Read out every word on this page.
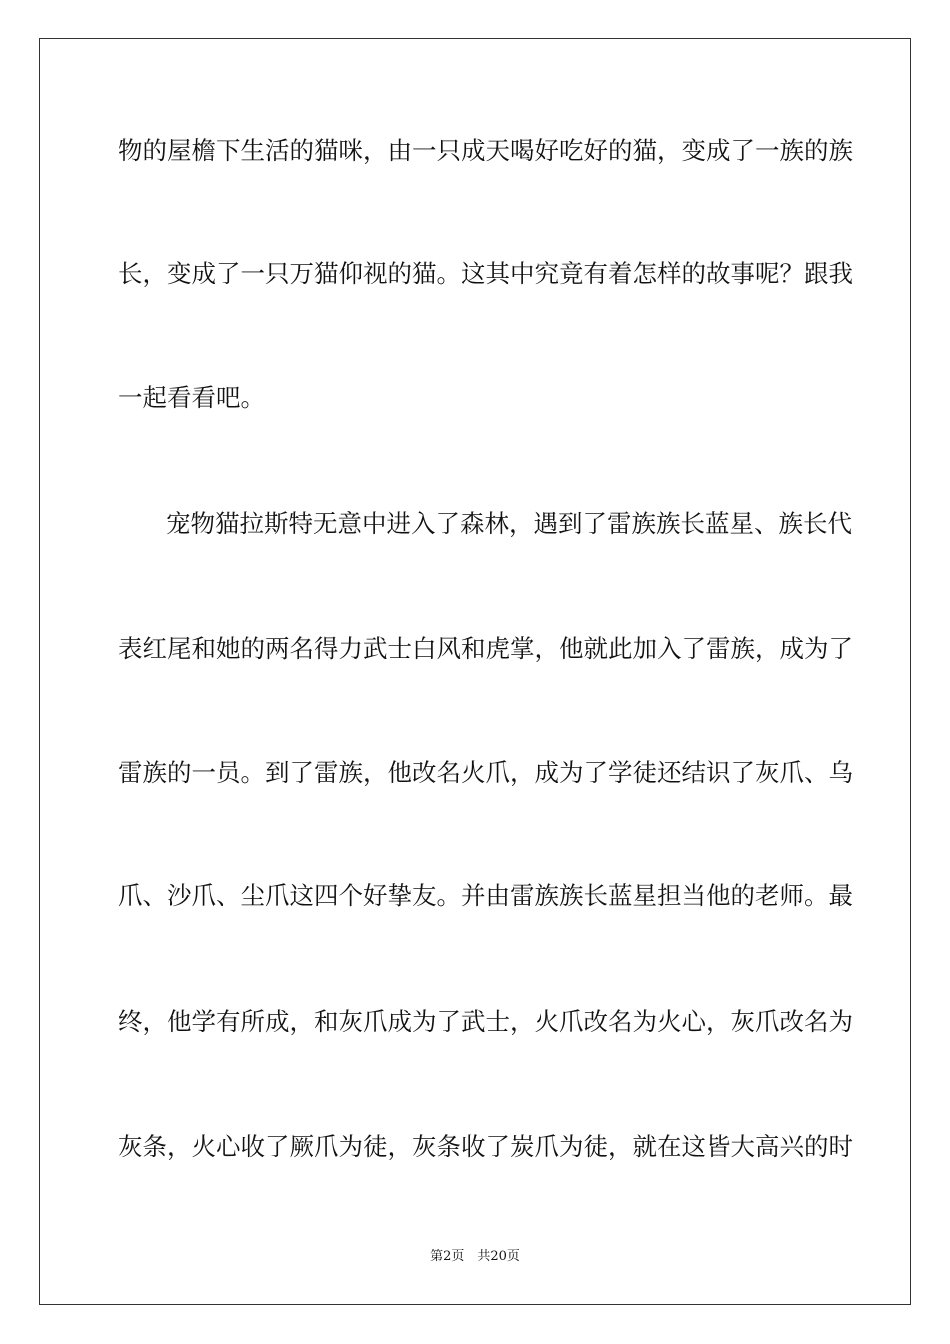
物的屋檐下生活的猫咪，由一只成天喝好吃好的猫，变成了一族的族
长，变成了一只万猫仰视的猫。这其中究竟有着怎样的故事呢？跟我
一起看看吧。
宠物猫拉斯特无意中进入了森林，遇到了雷族族长蓝星、族长代
表红尾和她的两名得力武士白风和虎掌，他就此加入了雷族，成为了
雷族的一员。到了雷族，他改名火爪，成为了学徒还结识了灰爪、乌
爪、沙爪、尘爪这四个好挚友。并由雷族族长蓝星担当他的老师。最
终，他学有所成，和灰爪成为了武士，火爪改名为火心，灰爪改名为
灰条，火心收了厥爪为徒，灰条收了炭爪为徒，就在这皆大高兴的时
第2页　共20页
